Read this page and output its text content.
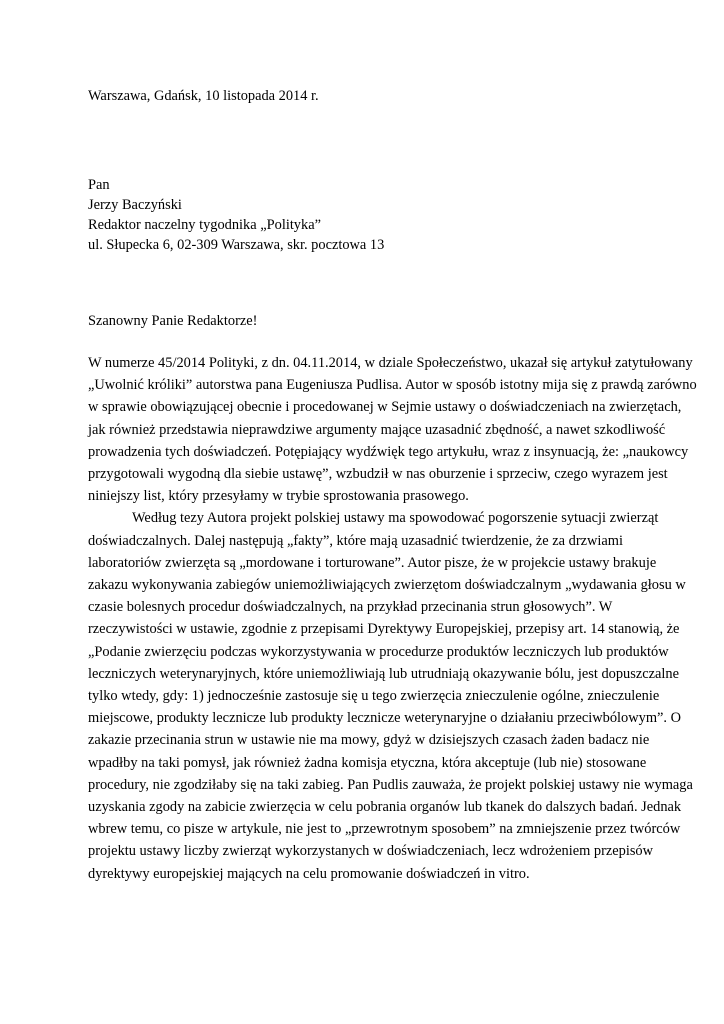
Warszawa, Gdańsk, 10 listopada 2014 r.
Pan
Jerzy Baczyński
Redaktor naczelny tygodnika „Polityka”
ul. Słupecka 6, 02-309 Warszawa, skr. pocztowa 13
Szanowny Panie Redaktorze!
W numerze 45/2014 Polityki, z dn. 04.11.2014, w dziale Społeczeństwo, ukazał się artykuł zatytułowany
„Uwolnić króliki” autorstwa pana Eugeniusza Pudlisa. Autor w sposób istotny mija się z prawdą zarówno
w sprawie obowiązującej obecnie i procedowanej w Sejmie ustawy o doświadczeniach na zwierzętach,
jak również przedstawia nieprawdziwe argumenty mające uzasadnić zbędność, a nawet szkodliwość
prowadzenia tych doświadczeń. Potępiający wydźwięk tego artykułu, wraz z insynuacją, że: „naukowcy
przygotowali wygodną dla siebie ustawę”, wzbudził w nas oburzenie i sprzeciw, czego wyrazem jest
niniejszy list, który przesyłamy w trybie sprostowania prasowego.
Według tezy Autora projekt polskiej ustawy ma spowodować pogorszenie sytuacji zwierząt
doświadczalnych. Dalej następują „fakty”, które mają uzasadnić twierdzenie, że za drzwiami
laboratoriów zwierzęta są „mordowane i torturowane”. Autor pisze, że w projekcie ustawy brakuje
zakazu wykonywania zabiegów uniemożliwiających zwierzętom doświadczalnym „wydawania głosu w
czasie bolesnych procedur doświadczalnych, na przykład przecinania strun głosowych”. W
rzeczywistości w ustawie, zgodnie z przepisami Dyrektywy Europejskiej, przepisy art. 14 stanowią, że
„Podanie zwierzęciu podczas wykorzystywania w procedurze produktów leczniczych lub produktów
leczniczych weterynaryjnych, które uniemożliwiają lub utrudniają okazywanie bólu, jest dopuszczalne
tylko wtedy, gdy: 1) jednocześnie zastosuje się u tego zwierzęcia znieczulenie ogólne, znieczulenie
miejscowe, produkty lecznicze lub produkty lecznicze weterynaryjne o działaniu przeciwbólowym”. O
zakazie przecinania strun w ustawie nie ma mowy, gdyż w dzisiejszych czasach żaden badacz nie
wpadłby na taki pomysł, jak również żadna komisja etyczna, która akceptuje (lub nie) stosowane
procedury, nie zgodziłaby się na taki zabieg. Pan Pudlis zauważa, że projekt polskiej ustawy nie wymaga
uzyskania zgody na zabicie zwierzęcia w celu pobrania organów lub tkanek do dalszych badań. Jednak
wbrew temu, co pisze w artykule, nie jest to „przewrotnym sposobem” na zmniejszenie przez twórców
projektu ustawy liczby zwierząt wykorzystanych w doświadczeniach, lecz wdrożeniem przepisów
dyrektywy europejskiej mających na celu promowanie doświadczeń in vitro.
